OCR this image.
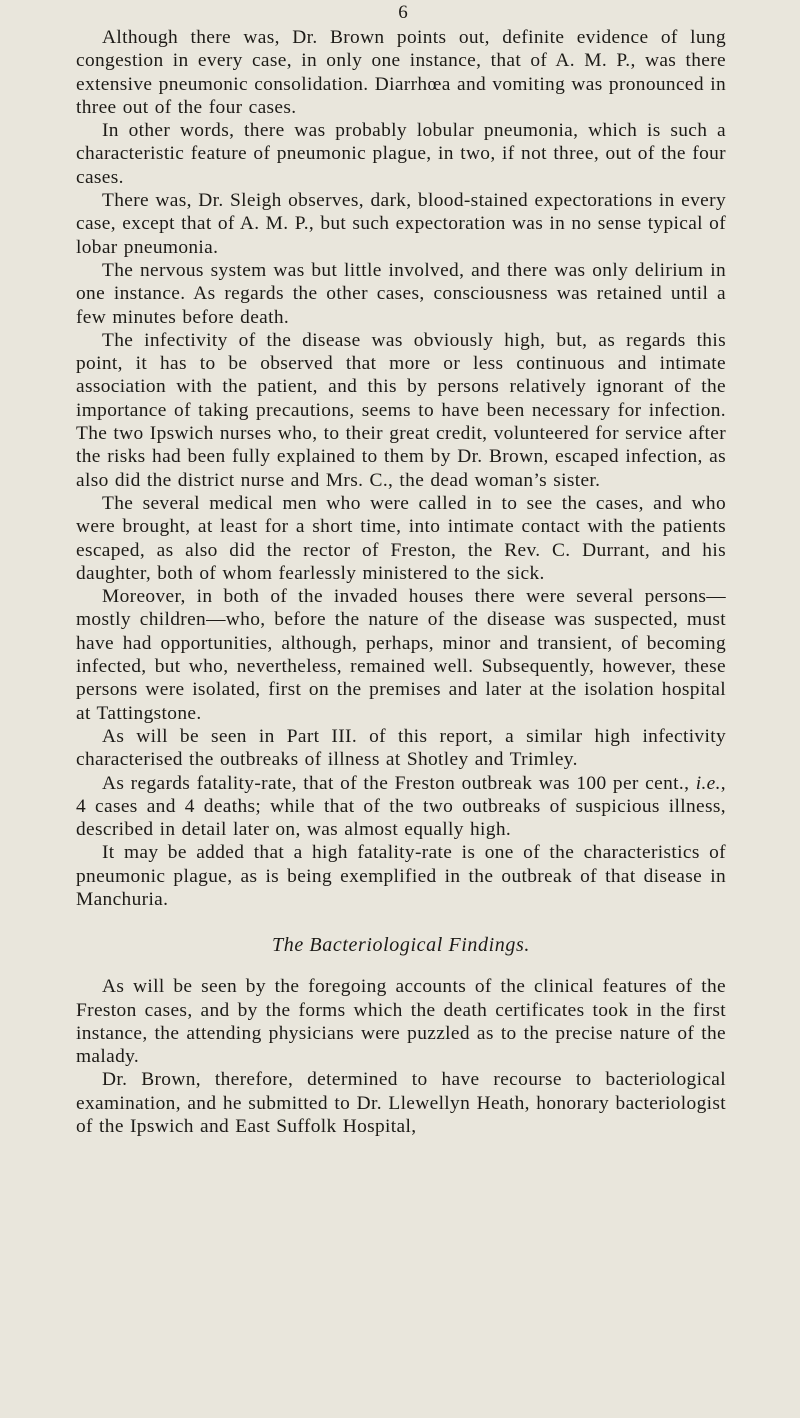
6

Although there was, Dr. Brown points out, definite evidence of lung congestion in every case, in only one instance, that of A. M. P., was there extensive pneumonic consolidation. Diarrhœa and vomiting was pronounced in three out of the four cases.

In other words, there was probably lobular pneumonia, which is such a characteristic feature of pneumonic plague, in two, if not three, out of the four cases.

There was, Dr. Sleigh observes, dark, blood-stained expectorations in every case, except that of A. M. P., but such expectoration was in no sense typical of lobar pneumonia.

The nervous system was but little involved, and there was only delirium in one instance. As regards the other cases, consciousness was retained until a few minutes before death.

The infectivity of the disease was obviously high, but, as regards this point, it has to be observed that more or less continuous and intimate association with the patient, and this by persons relatively ignorant of the importance of taking precautions, seems to have been necessary for infection. The two Ipswich nurses who, to their great credit, volunteered for service after the risks had been fully explained to them by Dr. Brown, escaped infection, as also did the district nurse and Mrs. C., the dead woman’s sister.

The several medical men who were called in to see the cases, and who were brought, at least for a short time, into intimate contact with the patients escaped, as also did the rector of Freston, the Rev. C. Durrant, and his daughter, both of whom fearlessly ministered to the sick.

Moreover, in both of the invaded houses there were several persons—mostly children—who, before the nature of the disease was suspected, must have had opportunities, although, perhaps, minor and transient, of becoming infected, but who, nevertheless, remained well. Subsequently, however, these persons were isolated, first on the premises and later at the isolation hospital at Tattingstone.

As will be seen in Part III. of this report, a similar high infectivity characterised the outbreaks of illness at Shotley and Trimley.

As regards fatality-rate, that of the Freston outbreak was 100 per cent., i.e., 4 cases and 4 deaths; while that of the two outbreaks of suspicious illness, described in detail later on, was almost equally high.

It may be added that a high fatality-rate is one of the characteristics of pneumonic plague, as is being exemplified in the outbreak of that disease in Manchuria.

The Bacteriological Findings.

As will be seen by the foregoing accounts of the clinical features of the Freston cases, and by the forms which the death certificates took in the first instance, the attending physicians were puzzled as to the precise nature of the malady.

Dr. Brown, therefore, determined to have recourse to bacteriological examination, and he submitted to Dr. Llewellyn Heath, honorary bacteriologist of the Ipswich and East Suffolk Hospital,
